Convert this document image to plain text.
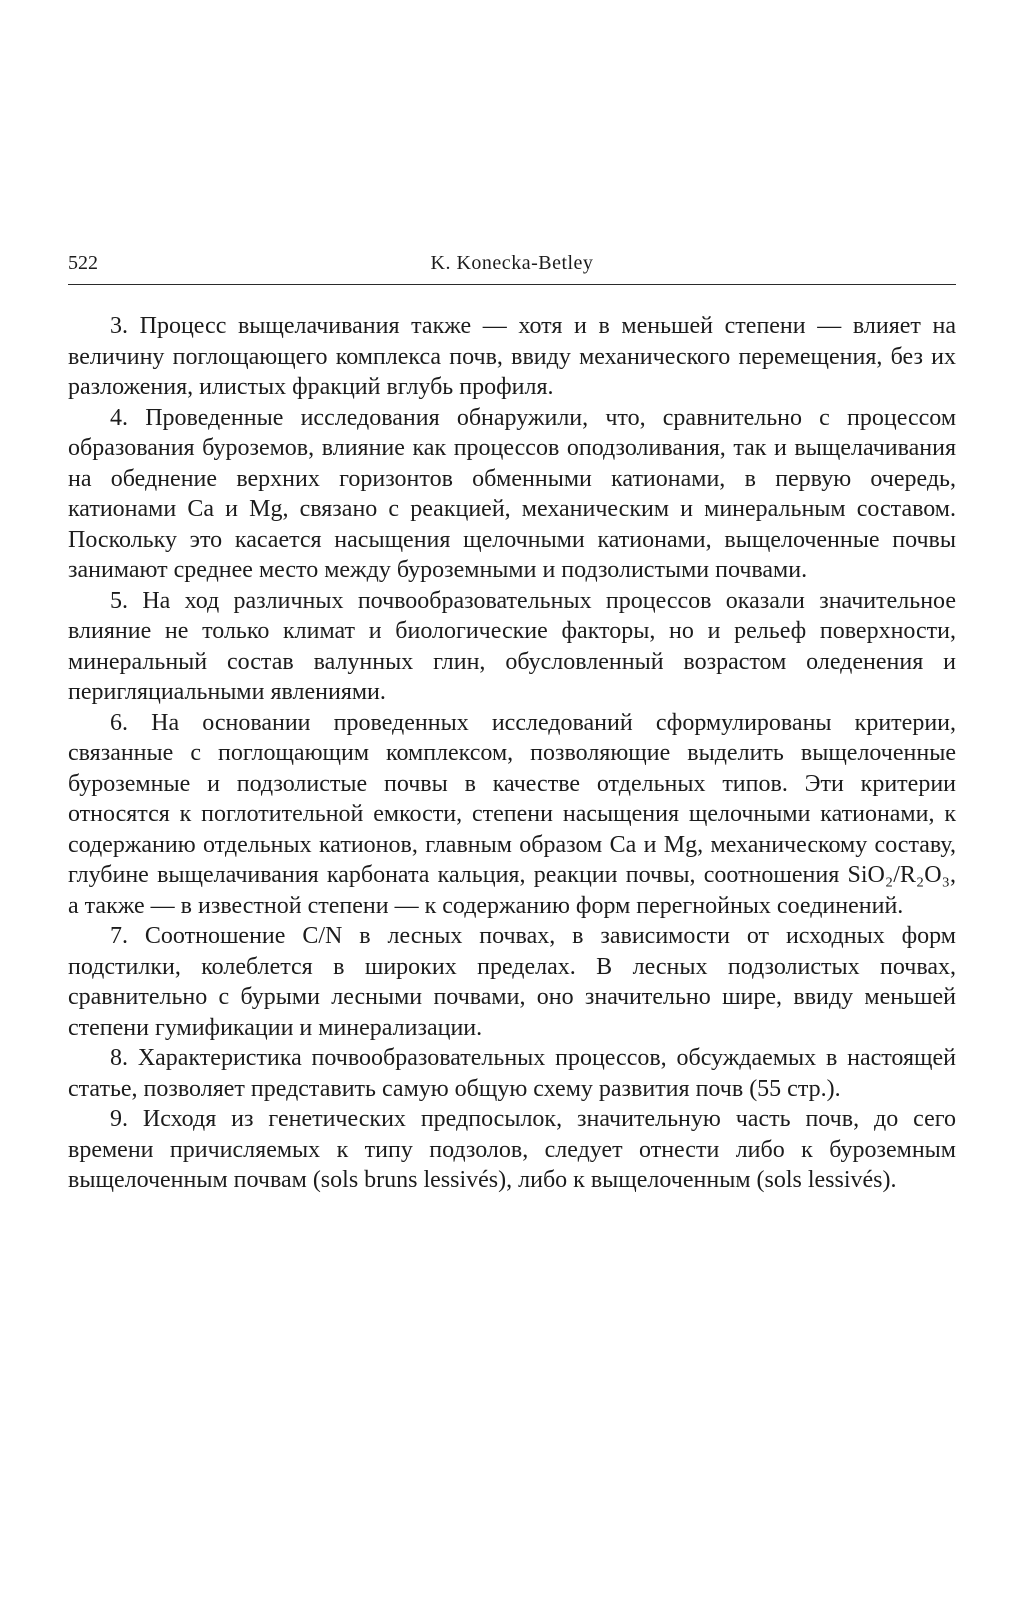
522	K. Konecka-Betley

3. Процесс выщелачивания также — хотя и в меньшей степени — влияет на величину поглощающего комплекса почв, ввиду механического перемещения, без их разложения, илистых фракций вглубь профиля.

4. Проведенные исследования обнаружили, что, сравнительно с процессом образования буроземов, влияние как процессов оподзоливания, так и выщелачивания на обеднение верхних горизонтов обменными катионами, в первую очередь, катионами Ca и Mg, связано с реакцией, механическим и минеральным составом. Поскольку это касается насыщения щелочными катионами, выщелоченные почвы занимают среднее место между буроземными и подзолистыми почвами.

5. На ход различных почвообразовательных процессов оказали значительное влияние не только климат и биологические факторы, но и рельеф поверхности, минеральный состав валунных глин, обусловленный возрастом оледенения и перигляциальными явлениями.

6. На основании проведенных исследований сформулированы критерии, связанные с поглощающим комплексом, позволяющие выделить выщелоченные буроземные и подзолистые почвы в качестве отдельных типов. Эти критерии относятся к поглотительной емкости, степени насыщения щелочными катионами, к содержанию отдельных катионов, главным образом Ca и Mg, механическому составу, глубине выщелачивания карбоната кальция, реакции почвы, соотношения SiO₂/R₂O₃, а также — в известной степени — к содержанию форм перегнойных соединений.

7. Соотношение C/N в лесных почвах, в зависимости от исходных форм подстилки, колеблется в широких пределах. В лесных подзолистых почвах, сравнительно с бурыми лесными почвами, оно значительно шире, ввиду меньшей степени гумификации и минерализации.

8. Характеристика почвообразовательных процессов, обсуждаемых в настоящей статье, позволяет представить самую общую схему развития почв (55 стр.).

9. Исходя из генетических предпосылок, значительную часть почв, до сего времени причисляемых к типу подзолов, следует отнести либо к буроземным выщелоченным почвам (sols bruns lessivés), либо к выщелоченным (sols lessivés).
